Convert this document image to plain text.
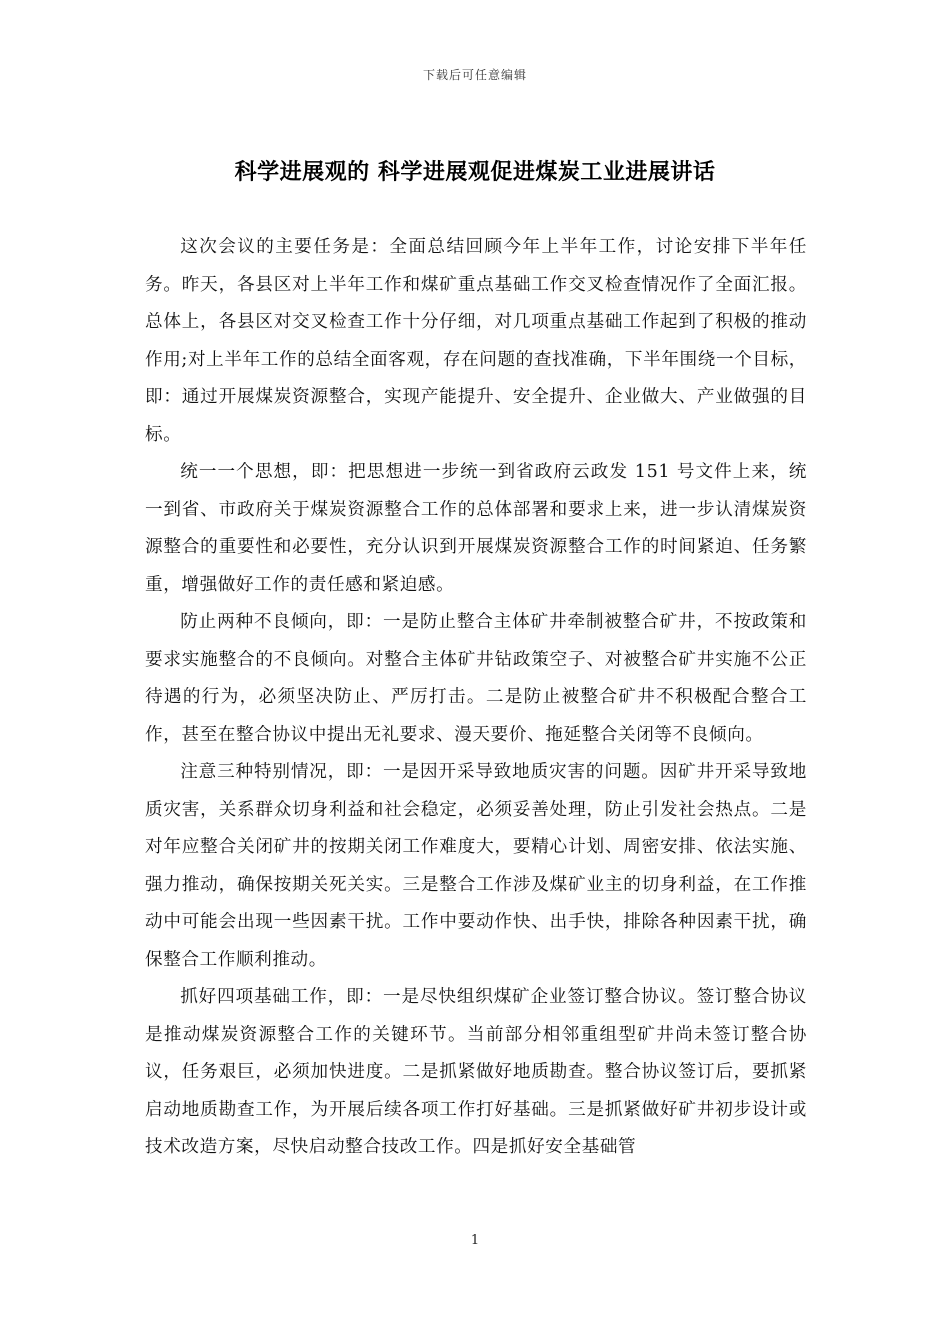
下载后可任意编辑
科学进展观的 科学进展观促进煤炭工业进展讲话

这次会议的主要任务是：全面总结回顾今年上半年工作，讨论安排下半年任务。昨天，各县区对上半年工作和煤矿重点基础工作交叉检查情况作了全面汇报。总体上，各县区对交叉检查工作十分仔细，对几项重点基础工作起到了积极的推动作用;对上半年工作的总结全面客观，存在问题的查找准确，下半年围绕一个目标，即：通过开展煤炭资源整合，实现产能提升、安全提升、企业做大、产业做强的目标。

统一一个思想，即：把思想进一步统一到省政府云政发 151 号文件上来，统一到省、市政府关于煤炭资源整合工作的总体部署和要求上来，进一步认清煤炭资源整合的重要性和必要性，充分认识到开展煤炭资源整合工作的时间紧迫、任务繁重，增强做好工作的责任感和紧迫感。

防止两种不良倾向，即：一是防止整合主体矿井牵制被整合矿井，不按政策和要求实施整合的不良倾向。对整合主体矿井钻政策空子、对被整合矿井实施不公正待遇的行为，必须坚决防止、严厉打击。二是防止被整合矿井不积极配合整合工作，甚至在整合协议中提出无礼要求、漫天要价、拖延整合关闭等不良倾向。

注意三种特别情况，即：一是因开采导致地质灾害的问题。因矿井开采导致地质灾害，关系群众切身利益和社会稳定，必须妥善处理，防止引发社会热点。二是对年应整合关闭矿井的按期关闭工作难度大，要精心计划、周密安排、依法实施、强力推动，确保按期关死关实。三是整合工作涉及煤矿业主的切身利益，在工作推动中可能会出现一些因素干扰。工作中要动作快、出手快，排除各种因素干扰，确保整合工作顺利推动。

抓好四项基础工作，即：一是尽快组织煤矿企业签订整合协议。签订整合协议是推动煤炭资源整合工作的关键环节。当前部分相邻重组型矿井尚未签订整合协议，任务艰巨，必须加快进度。二是抓紧做好地质勘查。整合协议签订后，要抓紧启动地质勘查工作，为开展后续各项工作打好基础。三是抓紧做好矿井初步设计或技术改造方案，尽快启动整合技改工作。四是抓好安全基础管

1
